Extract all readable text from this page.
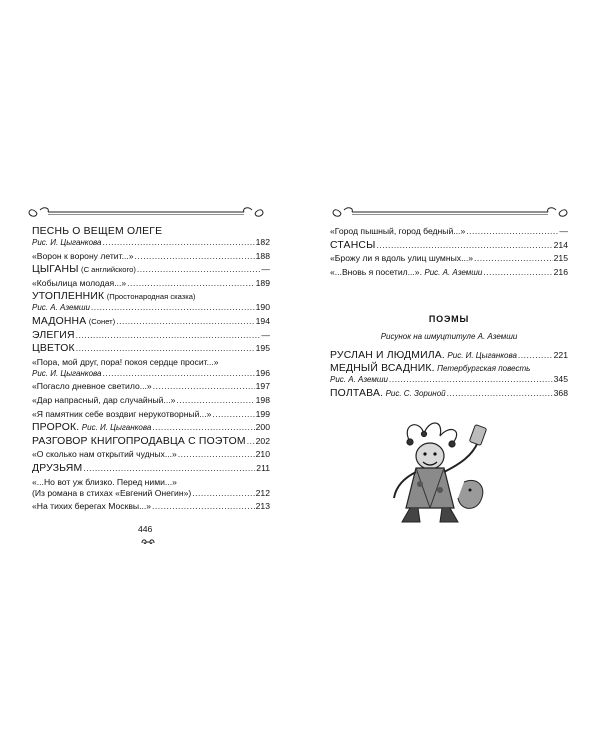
ПЕСНЬ О ВЕЩЕМ ОЛЕГЕ
Рис. И. Цыганкова .....	182
«Ворон к ворону летит...» .....	188
ЦЫГАНЫ (С английского) .....	—
«Кобылица молодая...» .....	189
УТОПЛЕННИК (Простонародная сказка)
Рис. А. Аземши .....	190
МАДОННА (Сонет) .....	194
ЭЛЕГИЯ .....	—
ЦВЕТОК .....	195
«Пора, мой друг, пора! покоя сердце просит...»
Рис. И. Цыганкова .....	196
«Погасло дневное светило...» .....	197
«Дар напрасный, дар случайный...» .....	198
«Я памятник себе воздвиг нерукотворный...» .....	199
ПРОРОК. Рис. И. Цыганкова .....	200
РАЗГОВОР КНИГОПРОДАВЦА С ПОЭТОМ ..... 202
«О сколько нам открытий чудных...» .....	210
ДРУЗЬЯМ .....	211
«...Но вот уж близко. Перед ними...»
(Из романа в стихах «Евгений Онегин») .....	212
«На тихих берегах Москвы...» .....	213
446
«Город пышный, город бедный...» .....	—
СТАНСЫ .....	214
«Брожу ли я вдоль улиц шумных...» .....	215
«...Вновь я посетил...». Рис. А. Аземши .....	216
ПОЭМЫ
Рисунок на шмуцтитуле А. Аземши
РУСЛАН И ЛЮДМИЛА. Рис. И. Цыганкова .....	221
МЕДНЫЙ ВСАДНИК. Петербургская повесть
Рис. А. Аземши .....	345
ПОЛТАВА. Рис. С. Зориной .....	368
